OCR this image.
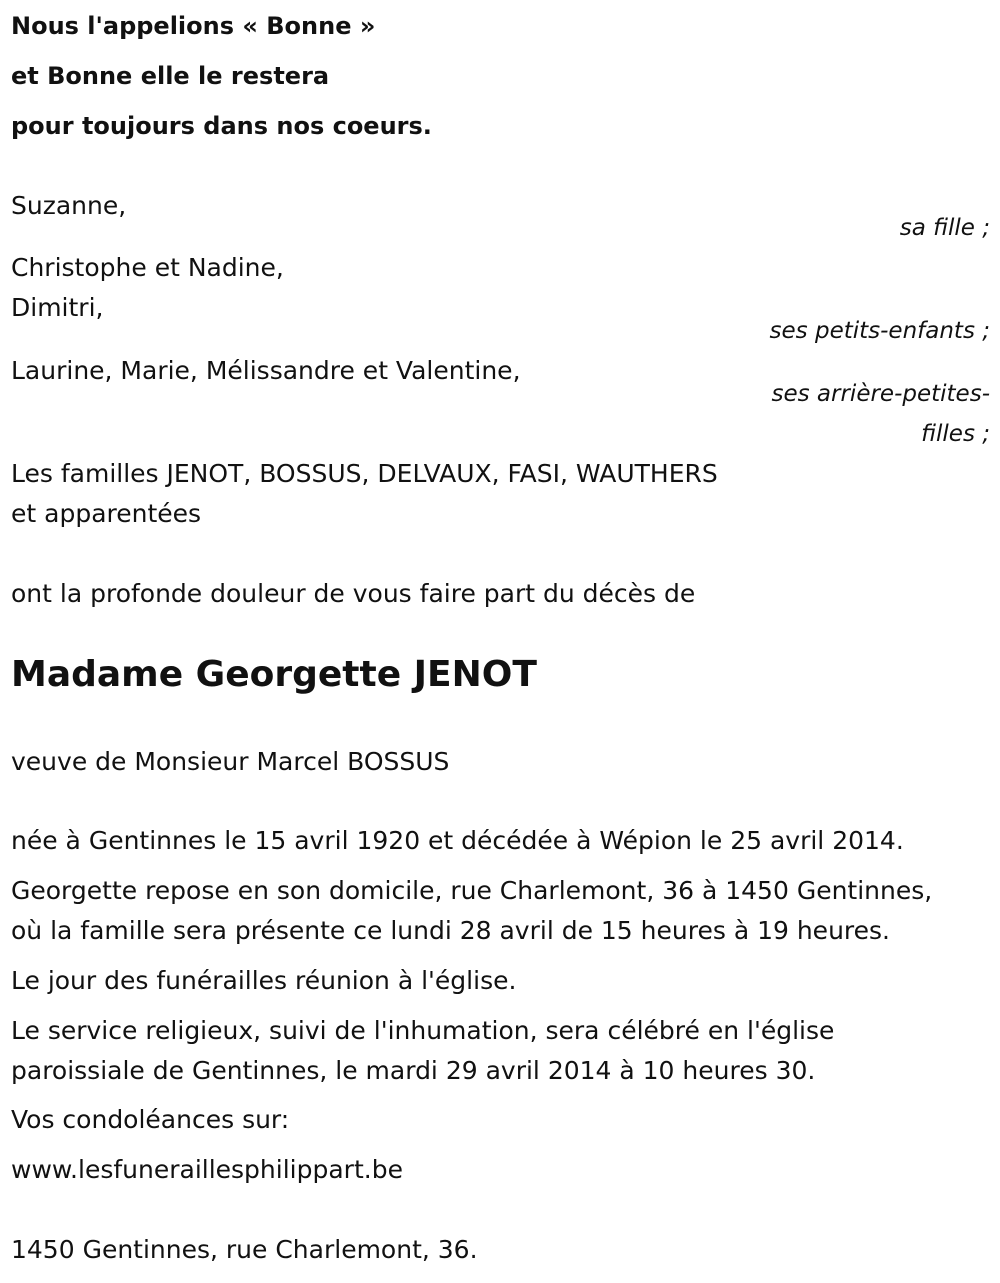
Nous l'appelions « Bonne »
et Bonne elle le restera
pour toujours dans nos coeurs.
Suzanne,
sa fille ;
Christophe et Nadine,
Dimitri,
ses petits-enfants ;
Laurine, Marie, Mélissandre et Valentine,
ses arrière-petites-
filles ;
Les familles JENOT, BOSSUS, DELVAUX, FASI, WAUTHERS
et apparentées
ont la profonde douleur de vous faire part du décès de
Madame Georgette JENOT
veuve de Monsieur Marcel BOSSUS
née à Gentinnes le 15 avril 1920 et décédée à Wépion le 25 avril 2014.
Georgette repose en son domicile, rue Charlemont, 36 à 1450 Gentinnes,
où la famille sera présente ce lundi 28 avril de 15 heures à 19 heures.
Le jour des funérailles réunion à l'église.
Le service religieux, suivi de l'inhumation, sera célébré en l'église
paroissiale de Gentinnes, le mardi 29 avril 2014 à 10 heures 30.
Vos condoléances sur:
www.lesfuneraillesphilippart.be
1450 Gentinnes, rue Charlemont, 36.
